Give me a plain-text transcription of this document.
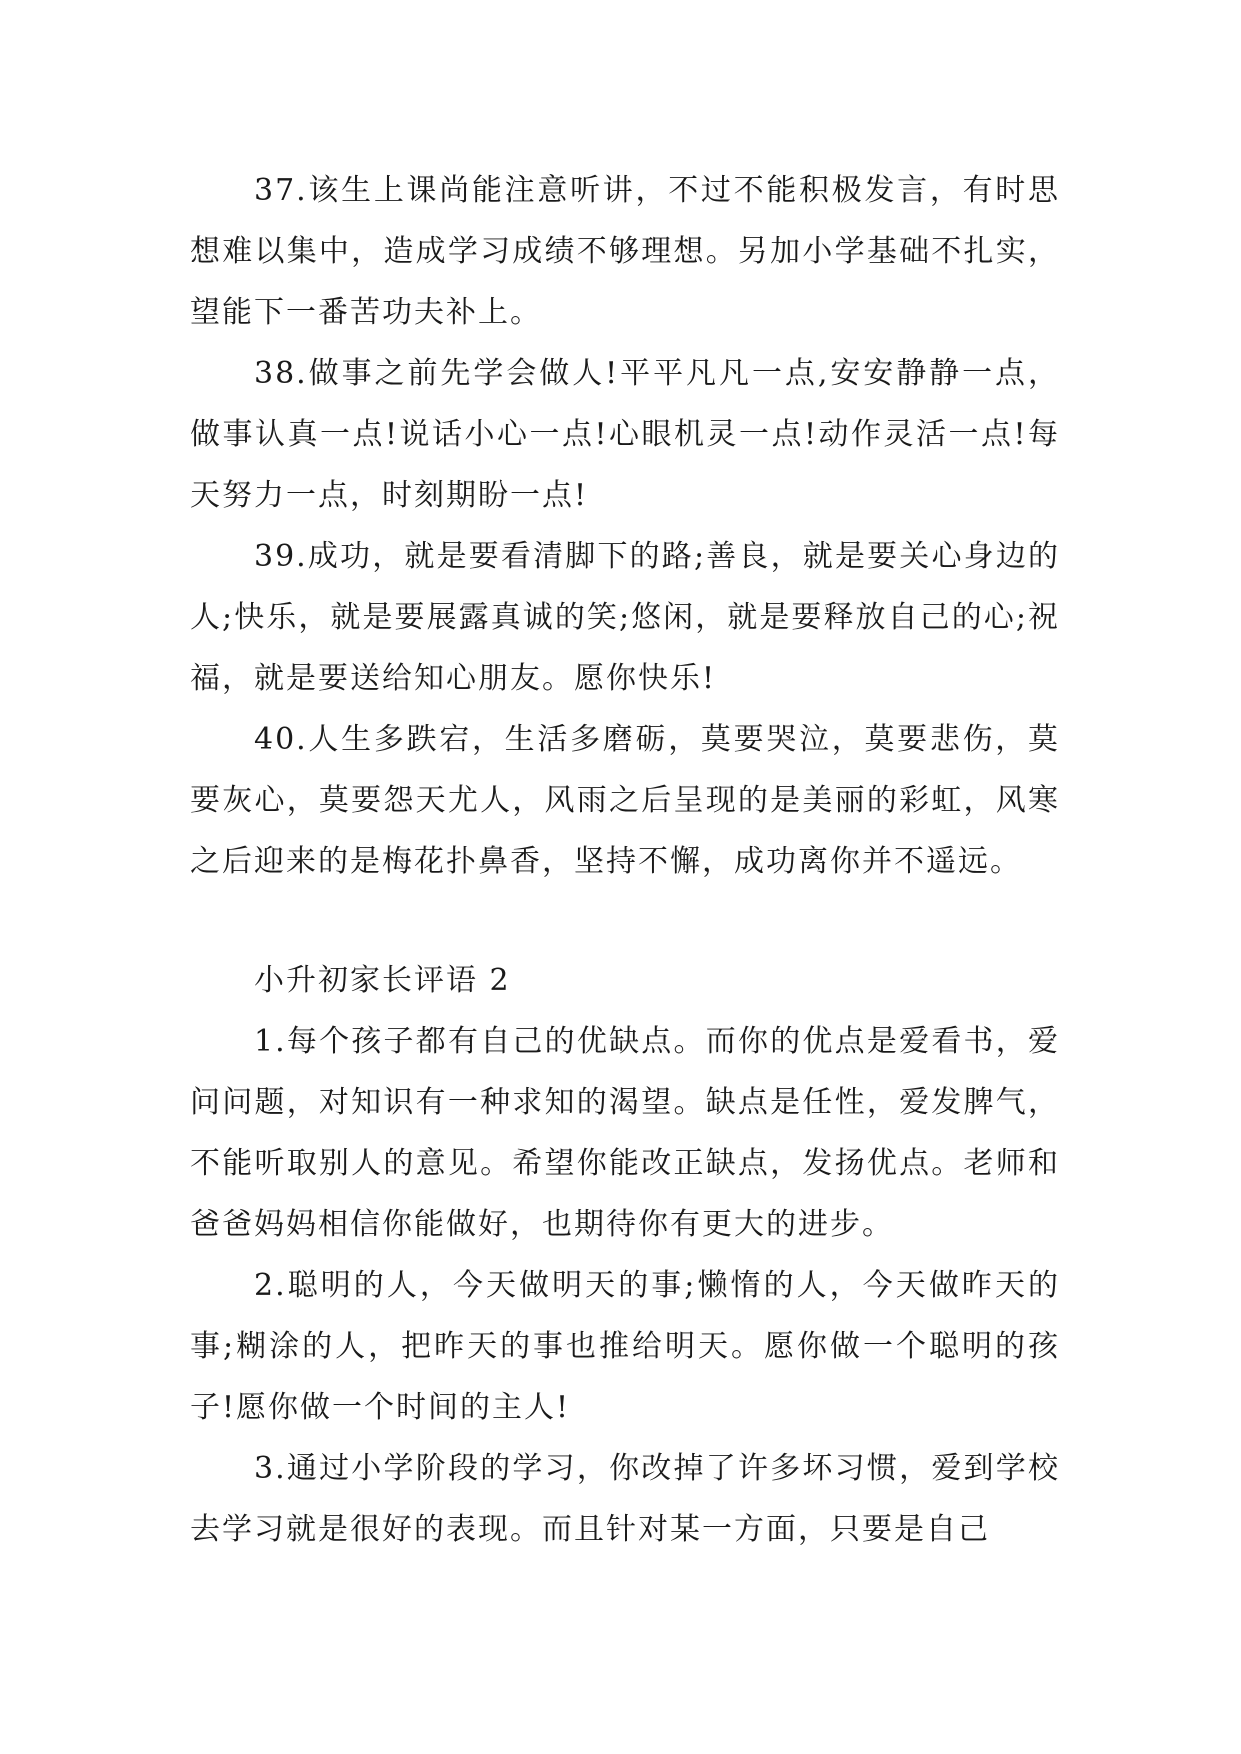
37.该生上课尚能注意听讲，不过不能积极发言，有时思想难以集中，造成学习成绩不够理想。另加小学基础不扎实，望能下一番苦功夫补上。

38.做事之前先学会做人!平平凡凡一点,安安静静一点，做事认真一点!说话小心一点!心眼机灵一点!动作灵活一点!每天努力一点，时刻期盼一点!

39.成功，就是要看清脚下的路;善良，就是要关心身边的人;快乐，就是要展露真诚的笑;悠闲，就是要释放自己的心;祝福，就是要送给知心朋友。愿你快乐!

40.人生多跌宕，生活多磨砺，莫要哭泣，莫要悲伤，莫要灰心，莫要怨天尤人，风雨之后呈现的是美丽的彩虹，风寒之后迎来的是梅花扑鼻香，坚持不懈，成功离你并不遥远。

小升初家长评语 2

1.每个孩子都有自己的优缺点。而你的优点是爱看书，爱问问题，对知识有一种求知的渴望。缺点是任性，爱发脾气，不能听取别人的意见。希望你能改正缺点，发扬优点。老师和爸爸妈妈相信你能做好，也期待你有更大的进步。

2.聪明的人，今天做明天的事;懒惰的人，今天做昨天的事;糊涂的人，把昨天的事也推给明天。愿你做一个聪明的孩子!愿你做一个时间的主人!

3.通过小学阶段的学习，你改掉了许多坏习惯，爱到学校去学习就是很好的表现。而且针对某一方面，只要是自己
